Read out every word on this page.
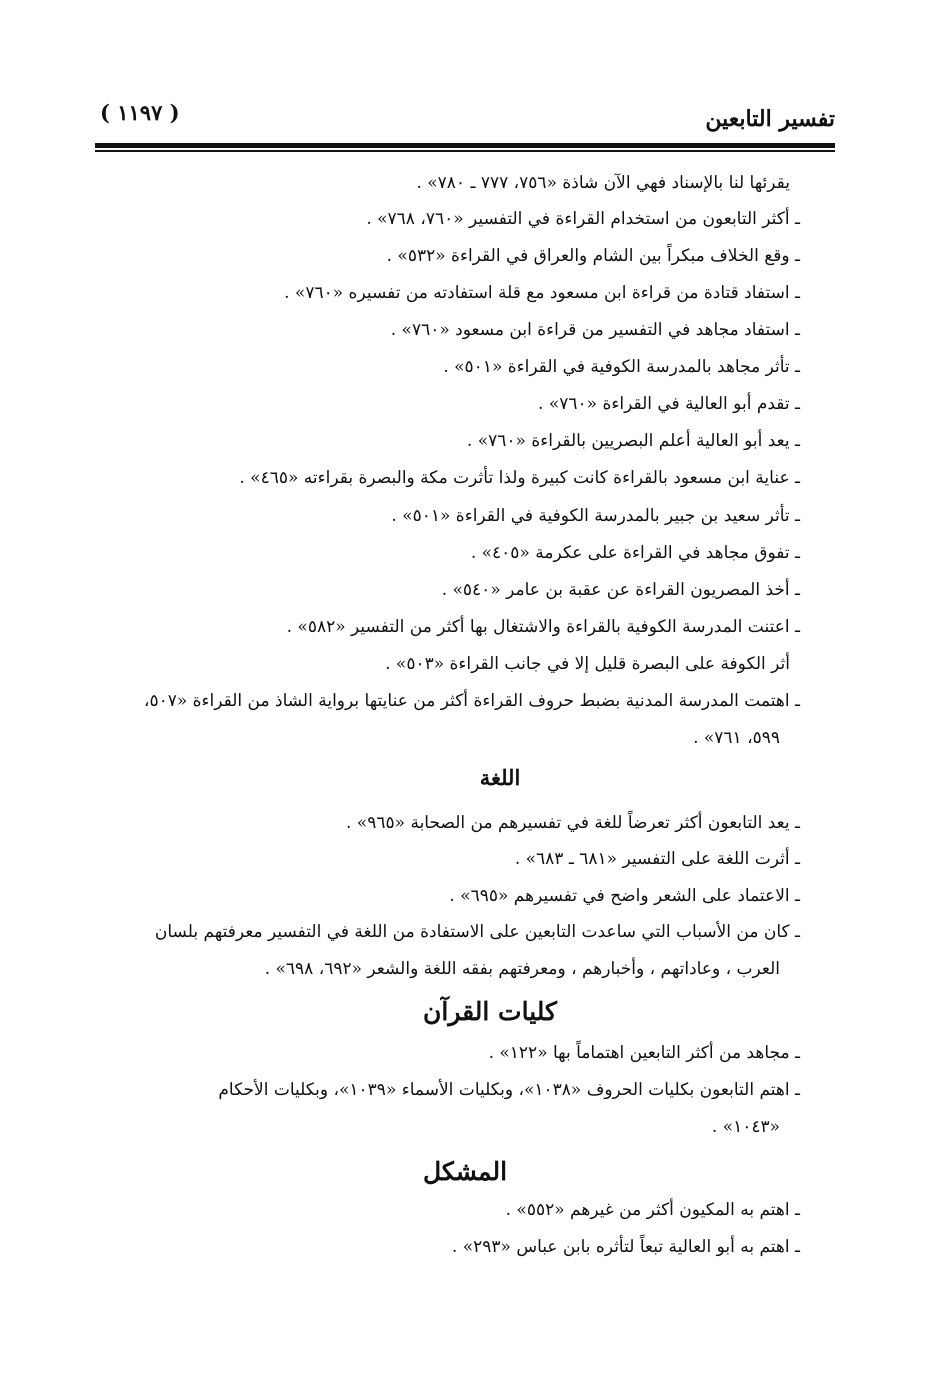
تفسير التابعين
( ١١٩٧ )
يقرئها لنا بالإسناد فهي الآن شاذة «٧٥٦، ٧٧٧ ـ ٧٨٠» .
ـ أكثر التابعون من استخدام القراءة في التفسير «٧٦٠، ٧٦٨» .
ـ وقع الخلاف مبكراً بين الشام والعراق في القراءة «٥٣٢» .
ـ استفاد قتادة من قراءة ابن مسعود مع قلة استفادته من تفسيره «٧٦٠» .
ـ استفاد مجاهد في التفسير من قراءة ابن مسعود «٧٦٠» .
ـ تأثر مجاهد بالمدرسة الكوفية في القراءة «٥٠١» .
ـ تقدم أبو العالية في القراءة «٧٦٠» .
ـ يعد أبو العالية أعلم البصريين بالقراءة «٧٦٠» .
ـ عناية ابن مسعود بالقراءة كانت كبيرة ولذا تأثرت مكة والبصرة بقراءته «٤٦٥» .
ـ تأثر سعيد بن جبير بالمدرسة الكوفية في القراءة «٥٠١» .
ـ تفوق مجاهد في القراءة على عكرمة «٤٠٥» .
ـ أخذ المصريون القراءة عن عقبة بن عامر «٥٤٠» .
ـ اعتنت المدرسة الكوفية بالقراءة والاشتغال بها أكثر من التفسير «٥٨٢» .
أثر الكوفة على البصرة قليل إلا في جانب القراءة «٥٠٣» .
ـ اهتمت المدرسة المدنية بضبط حروف القراءة أكثر من عنايتها برواية الشاذ من القراءة «٥٠٧،
٥٩٩، ٧٦١» .
اللغة
ـ يعد التابعون أكثر تعرضاً للغة في تفسيرهم من الصحابة «٩٦٥» .
ـ أثرت اللغة على التفسير «٦٨١ ـ ٦٨٣» .
ـ الاعتماد على الشعر واضح في تفسيرهم «٦٩٥» .
ـ كان من الأسباب التي ساعدت التابعين على الاستفادة من اللغة في التفسير معرفتهم بلسان
العرب ، وعاداتهم ، وأخبارهم ، ومعرفتهم بفقه اللغة والشعر «٦٩٢، ٦٩٨» .
كليات القرآن
ـ مجاهد من أكثر التابعين اهتماماً بها «١٢٢» .
ـ اهتم التابعون بكليات الحروف «١٠٣٨»، وبكليات الأسماء «١٠٣٩»، وبكليات الأحكام
«١٠٤٣» .
المشكل
ـ اهتم به المكيون أكثر من غيرهم «٥٥٢» .
ـ اهتم به أبو العالية تبعاً لتأثره بابن عباس «٢٩٣» .
